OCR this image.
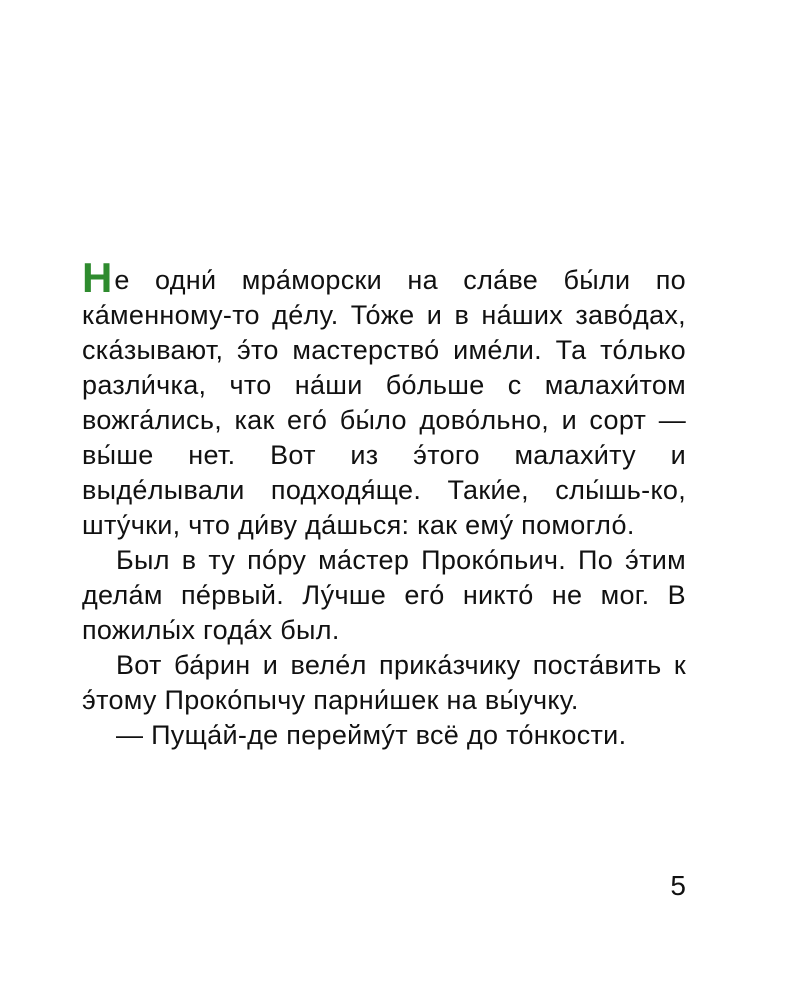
Не одни́ мра́морски на сла́ве бы́ли по ка́менному-то де́лу. То́же и в на́ших заво́дах, ска́зывают, э́то мастерство́ име́ли. Та то́лько разли́чка, что на́ши бо́льше с малахи́том вожга́лись, как его́ бы́ло дово́льно, и сорт — вы́ше нет. Вот из э́того малахи́ту и выде́лывали подходя́ще. Таки́е, слы́шь-ко, шту́чки, что ди́ву да́шься: как ему́ помогло́.

Был в ту по́ру ма́стер Проко́пьич. По э́тим дела́м пе́рвый. Лу́чше его́ никто́ не мог. В пожилы́х года́х был.

Вот ба́рин и веле́л прика́зчику поста́вить к э́тому Проко́пычу парни́шек на вы́учку.

— Пуща́й-де переймýт всё до то́нкости.

5
